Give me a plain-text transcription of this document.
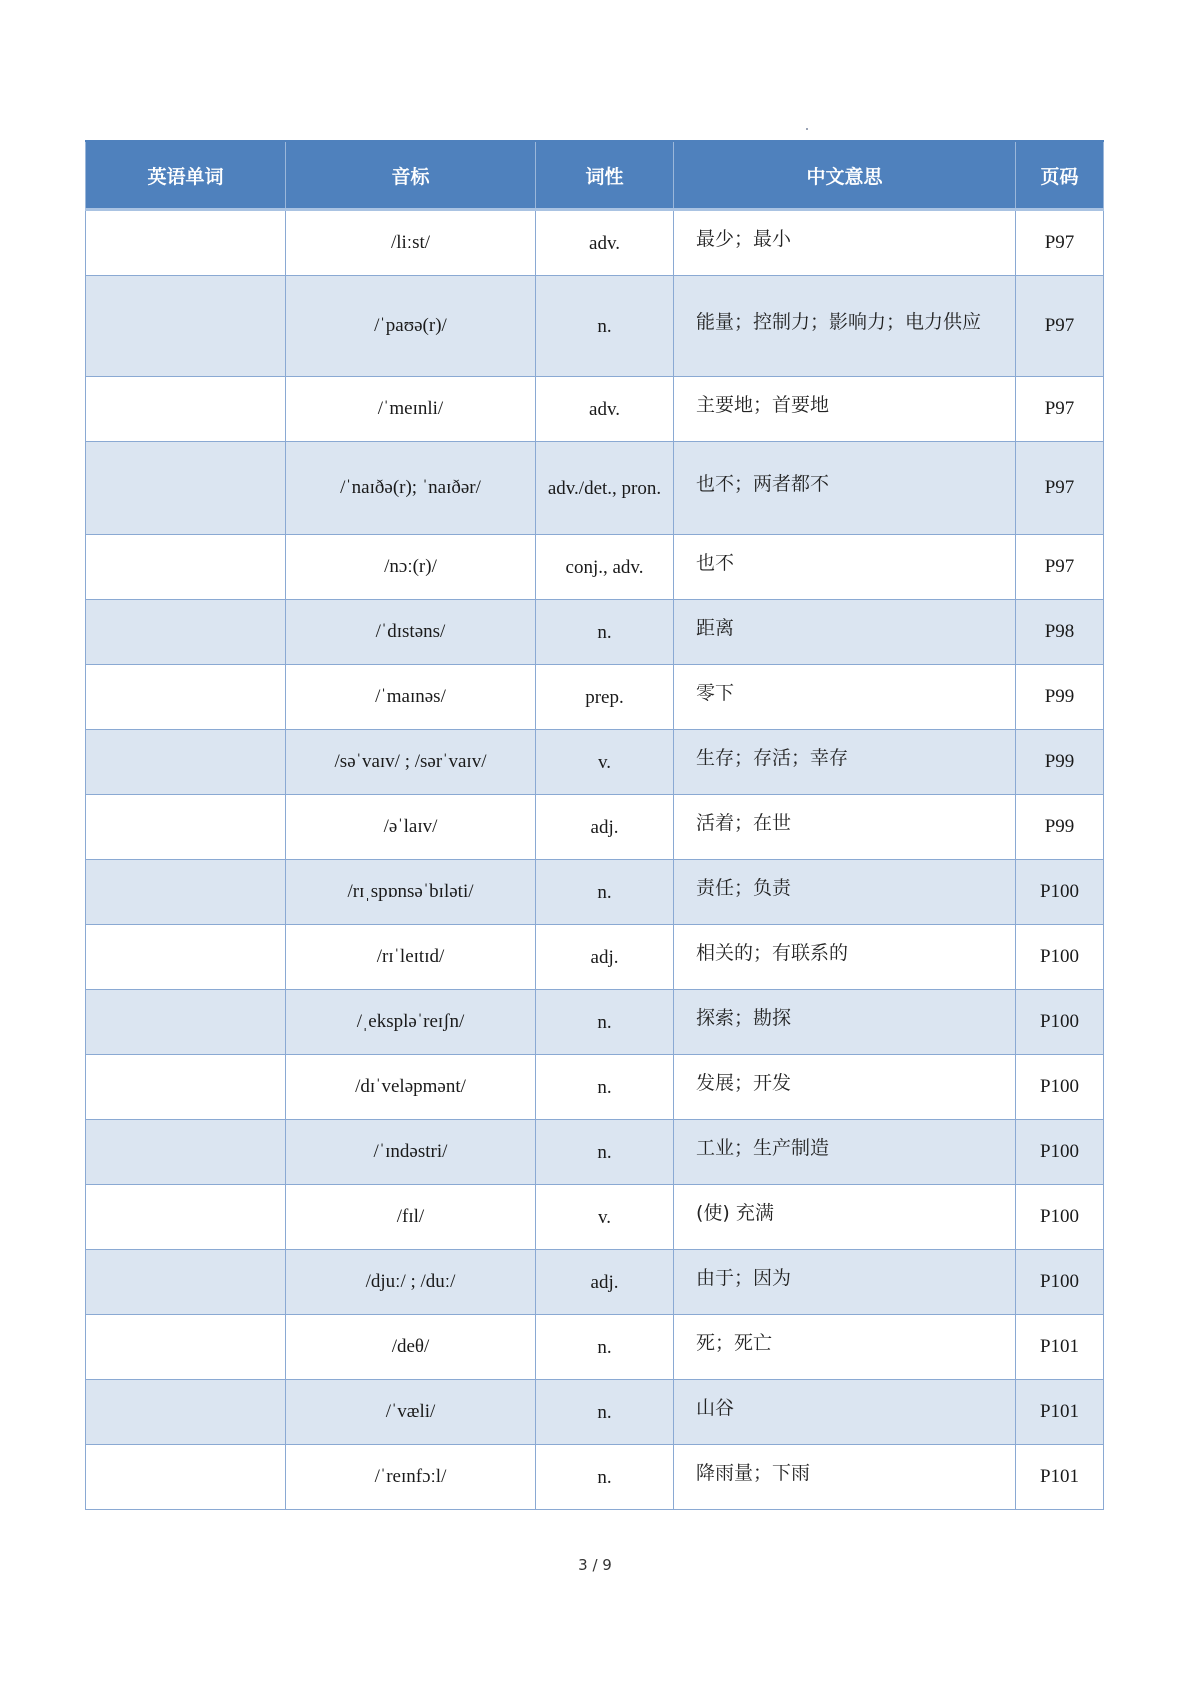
英语单词	音标	词性	中文意思	页码
	/liːst/	adv.	最少；最小	P97
	/ˈpaʊə(r)/	n.	能量；控制力；影响力；电力供应	P97
	/ˈmeɪnli/	adv.	主要地；首要地	P97
	/ˈnaɪðə(r); ˈnaɪðər/	adv./det., pron.	也不；两者都不	P97
	/nɔː(r)/	conj., adv.	也不	P97
	/ˈdɪstəns/	n.	距离	P98
	/ˈmaɪnəs/	prep.	零下	P99
	/səˈvaɪv/ ; /sərˈvaɪv/	v.	生存；存活；幸存	P99
	/əˈlaɪv/	adj.	活着；在世	P99
	/rɪˌspɒnsəˈbɪləti/	n.	责任；负责	P100
	/rɪˈleɪtɪd/	adj.	相关的；有联系的	P100
	/ˌekspləˈreɪʃn/	n.	探索；勘探	P100
	/dɪˈveləpmənt/	n.	发展；开发	P100
	/ˈɪndəstri/	n.	工业；生产制造	P100
	/fɪl/	v.	(使) 充满	P100
	/djuː/ ; /duː/	adj.	由于；因为	P100
	/deθ/	n.	死；死亡	P101
	/ˈvæli/	n.	山谷	P101
	/ˈreɪnfɔːl/	n.	降雨量；下雨	P101
3 / 9
